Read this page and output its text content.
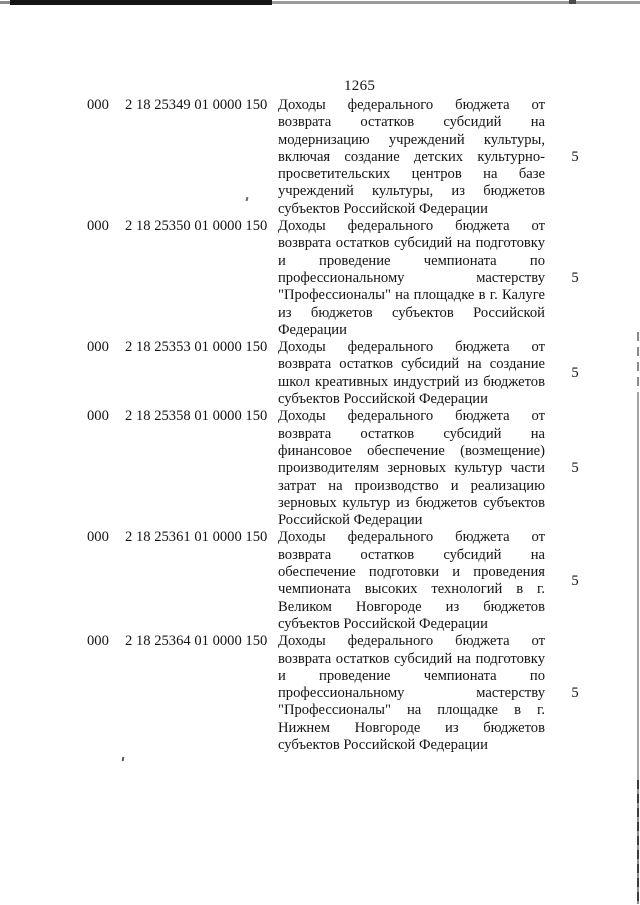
1265
000	2 18 25349 01 0000 150 Доходы федерального бюджета от возврата остатков субсидий на модернизацию учреждений культуры, включая создание детских культурно-просветительских центров на базе учреждений культуры, из бюджетов субъектов Российской Федерации
5
000	2 18 25350 01 0000 150 Доходы федерального бюджета от возврата остатков субсидий на подготовку и проведение чемпионата по профессиональному мастерству "Профессионалы" на площадке в г. Калуге из бюджетов субъектов Российской Федерации
5
000	2 18 25353 01 0000 150 Доходы федерального бюджета от возврата остатков субсидий на создание школ креативных индустрий из бюджетов субъектов Российской Федерации
5
000	2 18 25358 01 0000 150 Доходы федерального бюджета от возврата остатков субсидий на финансовое обеспечение (возмещение) производителям зерновых культур части затрат на производство и реализацию зерновых культур из бюджетов субъектов Российской Федерации
5
000	2 18 25361 01 0000 150 Доходы федерального бюджета от возврата остатков субсидий на обеспечение подготовки и проведения чемпионата высоких технологий в г. Великом Новгороде из бюджетов субъектов Российской Федерации
5
000	2 18 25364 01 0000 150 Доходы федерального бюджета от возврата остатков субсидий на подготовку и проведение чемпионата по профессиональному мастерству "Профессионалы" на площадке в г. Нижнем Новгороде из бюджетов субъектов Российской Федерации
5
